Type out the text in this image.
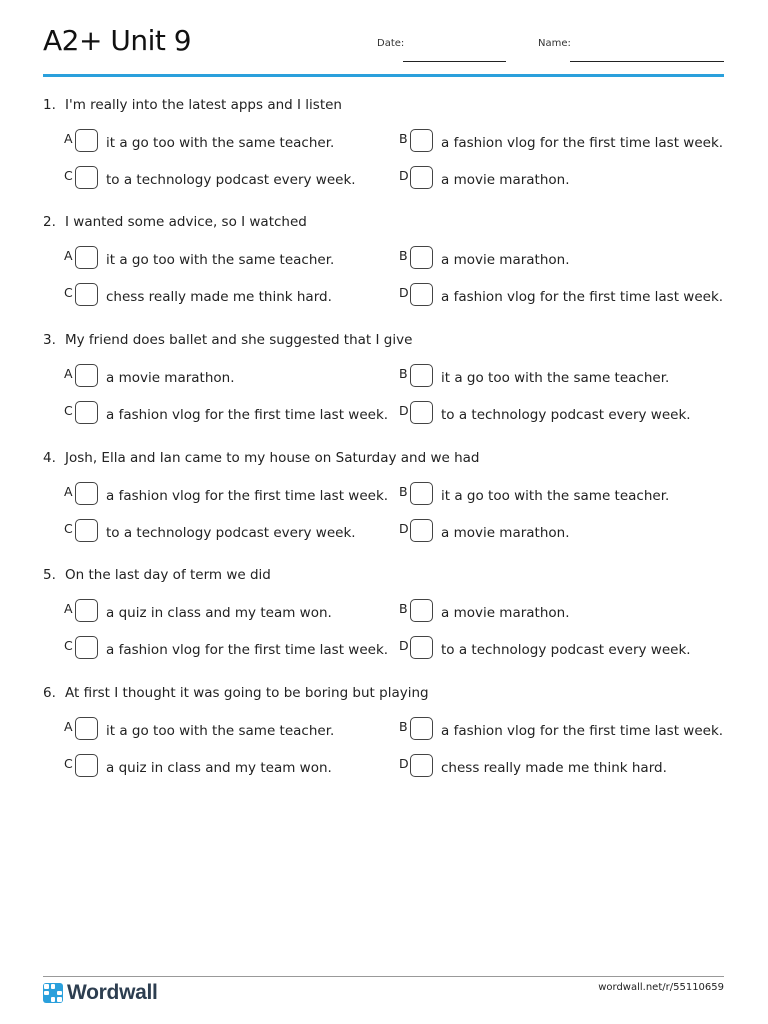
A2+ Unit 9	Date:	Name:
1. I'm really into the latest apps and I listen
A it a go too with the same teacher.	B a fashion vlog for the first time last week.
C to a technology podcast every week.	D a movie marathon.
2. I wanted some advice, so I watched
A it a go too with the same teacher.	B a movie marathon.
C chess really made me think hard.	D a fashion vlog for the first time last week.
3. My friend does ballet and she suggested that I give
A a movie marathon.	B it a go too with the same teacher.
C a fashion vlog for the first time last week. D to a technology podcast every week.
4. Josh, Ella and Ian came to my house on Saturday and we had
A a fashion vlog for the first time last week. B it a go too with the same teacher.
C to a technology podcast every week.	D a movie marathon.
5. On the last day of term we did
A a quiz in class and my team won.	B a movie marathon.
C a fashion vlog for the first time last week. D to a technology podcast every week.
6. At first I thought it was going to be boring but playing
A it a go too with the same teacher.	B a fashion vlog for the first time last week.
C a quiz in class and my team won.	D chess really made me think hard.
Wordwall	wordwall.net/r/55110659
